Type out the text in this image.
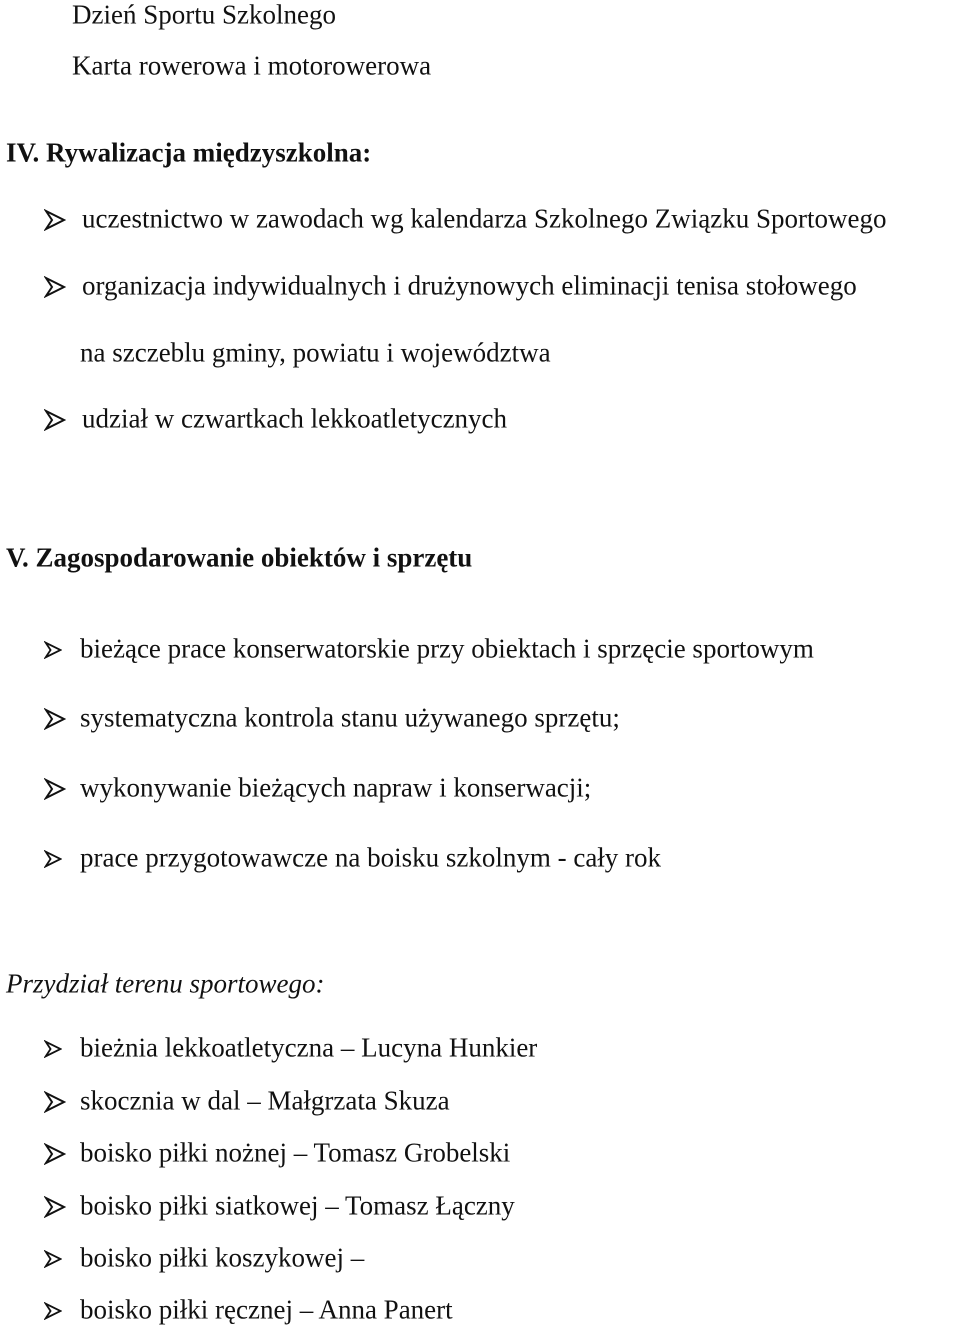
Dzień Sportu Szkolnego
Karta rowerowa i motorowerowa
IV. Rywalizacja międzyszkolna:
uczestnictwo w zawodach wg kalendarza Szkolnego Związku Sportowego
organizacja indywidualnych i drużynowych eliminacji tenisa stołowego
na szczeblu gminy, powiatu i województwa
udział w czwartkach lekkoatletycznych
V. Zagospodarowanie obiektów i sprzętu
bieżące prace konserwatorskie przy obiektach i sprzęcie sportowym
systematyczna kontrola stanu używanego sprzętu;
wykonywanie bieżących napraw i konserwacji;
prace przygotowawcze na boisku szkolnym - cały rok
Przydział terenu sportowego:
bieżnia lekkoatletyczna – Lucyna Hunkier
skocznia w dal – Małgrzata Skuza
boisko piłki nożnej – Tomasz Grobelski
boisko piłki siatkowej – Tomasz Łączny
boisko piłki koszykowej –
boisko piłki ręcznej – Anna Panert
